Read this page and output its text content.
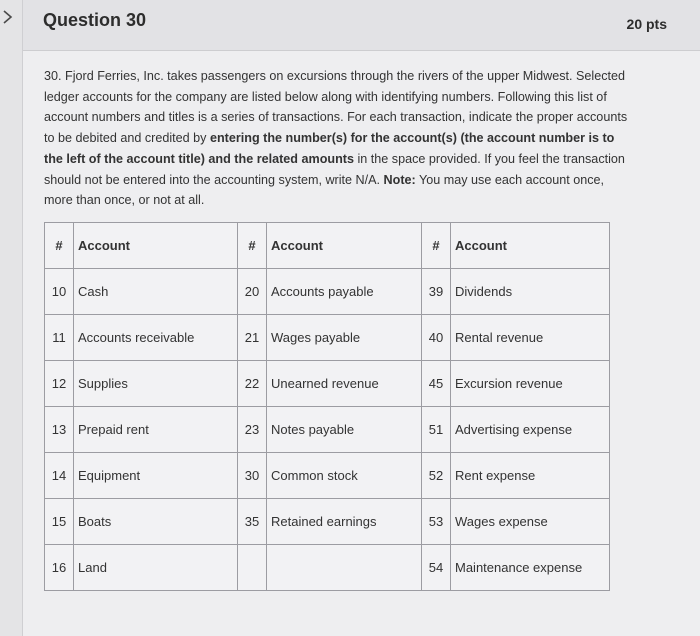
Question 30	20 pts
30. Fjord Ferries, Inc. takes passengers on excursions through the rivers of the upper Midwest. Selected ledger accounts for the company are listed below along with identifying numbers. Following this list of account numbers and titles is a series of transactions. For each transaction, indicate the proper accounts to be debited and credited by entering the number(s) for the account(s) (the account number is to the left of the account title) and the related amounts in the space provided. If you feel the transaction should not be entered into the accounting system, write N/A. Note: You may use each account once, more than once, or not at all.
#	Account	#	Account	#	Account
10	Cash	20	Accounts payable	39	Dividends
11	Accounts receivable	21	Wages payable	40	Rental revenue
12	Supplies	22	Unearned revenue	45	Excursion revenue
13	Prepaid rent	23	Notes payable	51	Advertising expense
14	Equipment	30	Common stock	52	Rent expense
15	Boats	35	Retained earnings	53	Wages expense
16	Land			54	Maintenance expense
